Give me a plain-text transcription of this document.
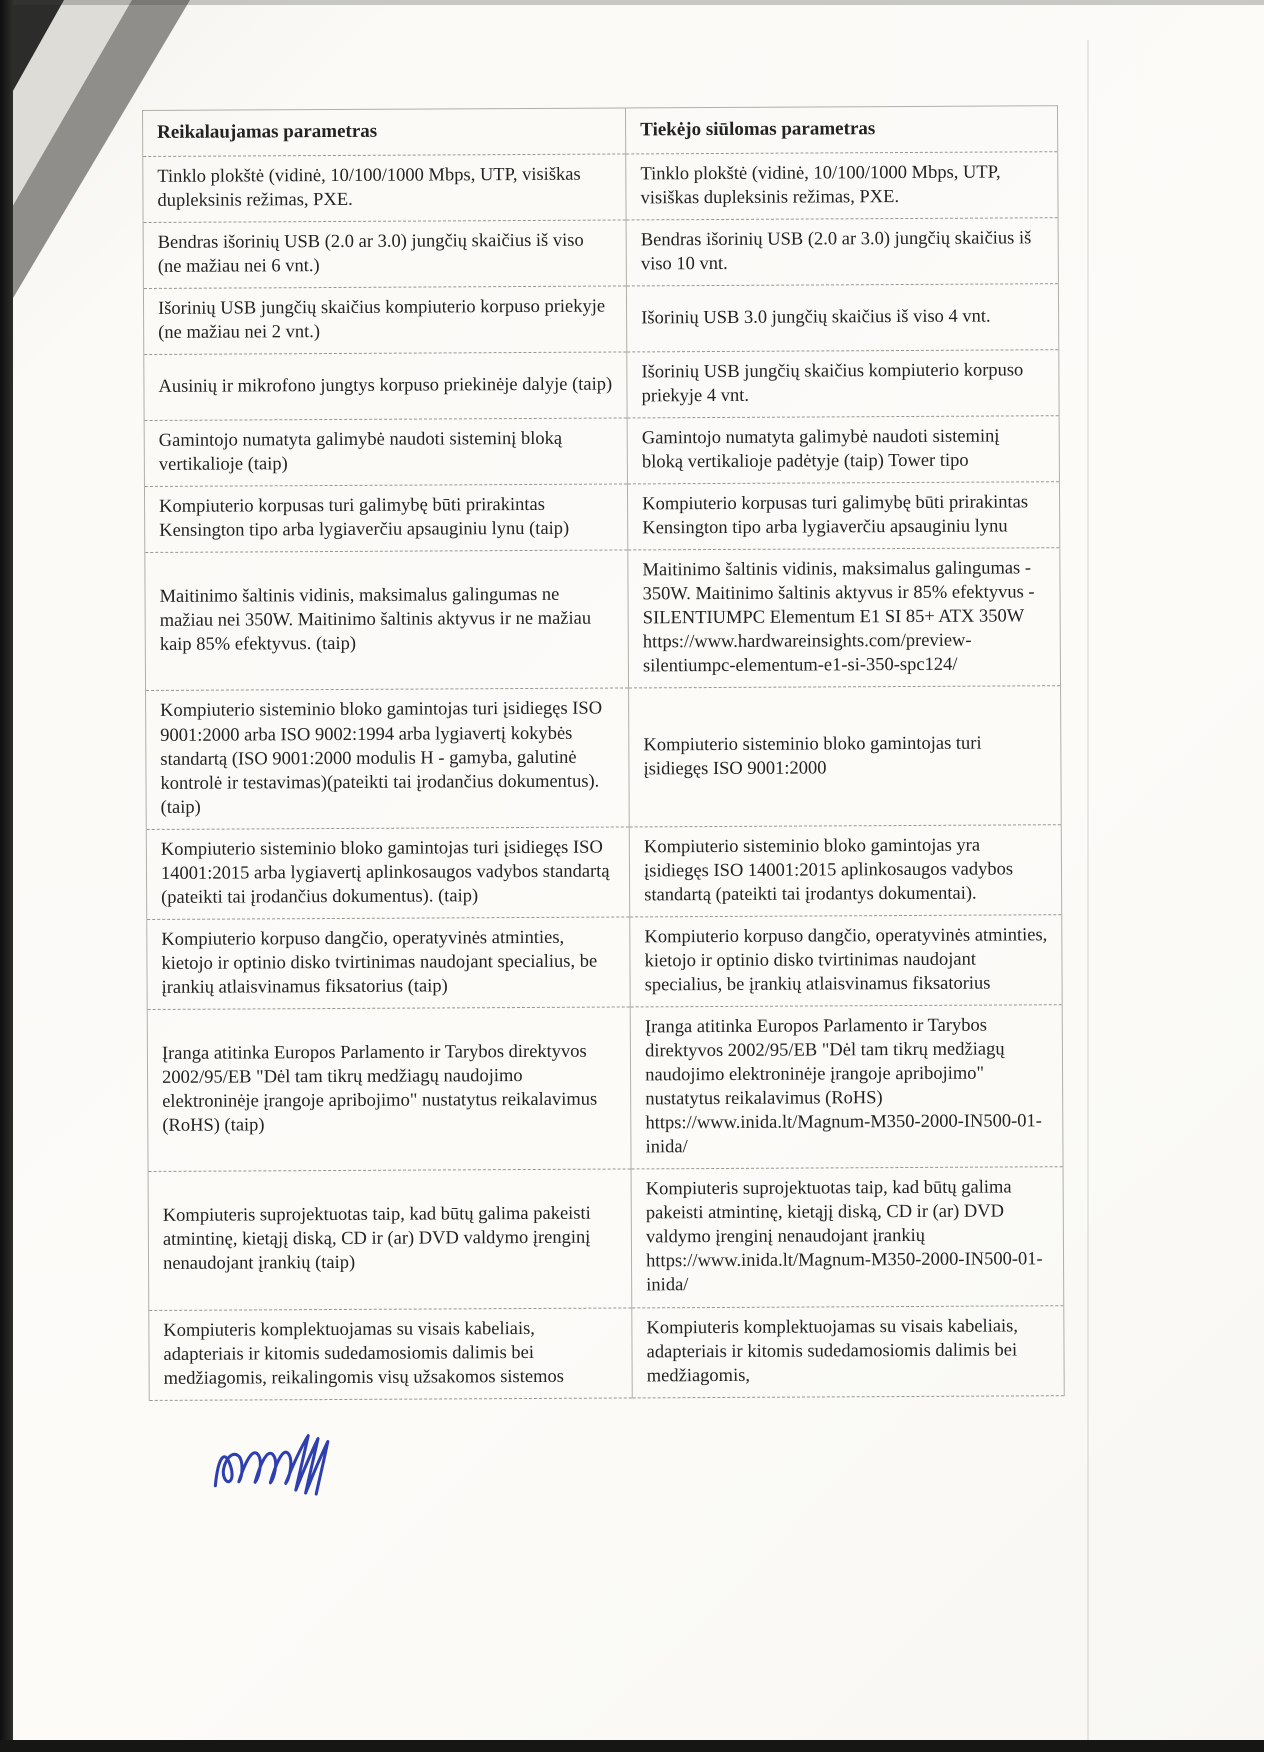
Reikalaujamas parametras	Tiekėjo siūlomas parametras
Tinklo plokštė (vidinė, 10/100/1000 Mbps, UTP, visiškas dupleksinis režimas, PXE.	Tinklo plokštė (vidinė, 10/100/1000 Mbps, UTP, visiškas dupleksinis režimas, PXE.
Bendras išorinių USB (2.0 ar 3.0) jungčių skaičius iš viso (ne mažiau nei 6 vnt.)	Bendras išorinių USB (2.0 ar 3.0) jungčių skaičius iš viso 10 vnt.
Išorinių USB jungčių skaičius kompiuterio korpuso priekyje (ne mažiau nei 2 vnt.)	Išorinių USB 3.0 jungčių skaičius iš viso 4 vnt.
Ausinių ir mikrofono jungtys korpuso priekinėje dalyje (taip)	Išorinių USB jungčių skaičius kompiuterio korpuso priekyje 4 vnt.
Gamintojo numatyta galimybė naudoti sisteminį bloką vertikalioje (taip)	Gamintojo numatyta galimybė naudoti sisteminį bloką vertikalioje padėtyje (taip) Tower tipo
Kompiuterio korpusas turi galimybę būti prirakintas Kensington tipo arba lygiaverčiu apsauginiu lynu (taip)	Kompiuterio korpusas turi galimybę būti prirakintas Kensington tipo arba lygiaverčiu apsauginiu lynu
Maitinimo šaltinis vidinis, maksimalus galingumas ne mažiau nei 350W. Maitinimo šaltinis aktyvus ir ne mažiau kaip 85% efektyvus. (taip)	Maitinimo šaltinis vidinis, maksimalus galingumas - 350W. Maitinimo šaltinis aktyvus ir 85% efektyvus - SILENTIUMPC Elementum E1 SI 85+ ATX 350W https://www.hardwareinsights.com/preview-silentiumpc-elementum-e1-si-350-spc124/
Kompiuterio sisteminio bloko gamintojas turi įsidiegęs ISO 9001:2000 arba ISO 9002:1994 arba lygiavertį kokybės standartą (ISO 9001:2000 modulis H - gamyba, galutinė kontrolė ir testavimas)(pateikti tai įrodančius dokumentus). (taip)	Kompiuterio sisteminio bloko gamintojas turi įsidiegęs ISO 9001:2000
Kompiuterio sisteminio bloko gamintojas turi įsidiegęs ISO 14001:2015 arba lygiavertį aplinkosaugos vadybos standartą (pateikti tai įrodančius dokumentus). (taip)	Kompiuterio sisteminio bloko gamintojas yra įsidiegęs ISO 14001:2015 aplinkosaugos vadybos standartą (pateikti tai įrodantys dokumentai).
Kompiuterio korpuso dangčio, operatyvinės atminties, kietojo ir optinio disko tvirtinimas naudojant specialius, be įrankių atlaisvinamus fiksatorius (taip)	Kompiuterio korpuso dangčio, operatyvinės atminties, kietojo ir optinio disko tvirtinimas naudojant specialius, be įrankių atlaisvinamus fiksatorius
Įranga atitinka Europos Parlamento ir Tarybos direktyvos 2002/95/EB "Dėl tam tikrų medžiagų naudojimo elektroninėje įrangoje apribojimo" nustatytus reikalavimus (RoHS) (taip)	Įranga atitinka Europos Parlamento ir Tarybos direktyvos 2002/95/EB "Dėl tam tikrų medžiagų naudojimo elektroninėje įrangoje apribojimo" nustatytus reikalavimus (RoHS) https://www.inida.lt/Magnum-M350-2000-IN500-01-inida/
Kompiuteris suprojektuotas taip, kad būtų galima pakeisti atmintinę, kietąjį diską, CD ir (ar) DVD valdymo įrenginį nenaudojant įrankių (taip)	Kompiuteris suprojektuotas taip, kad būtų galima pakeisti atmintinę, kietąjį diską, CD ir (ar) DVD valdymo įrenginį nenaudojant įrankių https://www.inida.lt/Magnum-M350-2000-IN500-01-inida/
Kompiuteris komplektuojamas su visais kabeliais, adapteriais ir kitomis sudedamosiomis dalimis bei medžiagomis, reikalingomis visų užsakomos sistemos	Kompiuteris komplektuojamas su visais kabeliais, adapteriais ir kitomis sudedamosiomis dalimis bei medžiagomis,
